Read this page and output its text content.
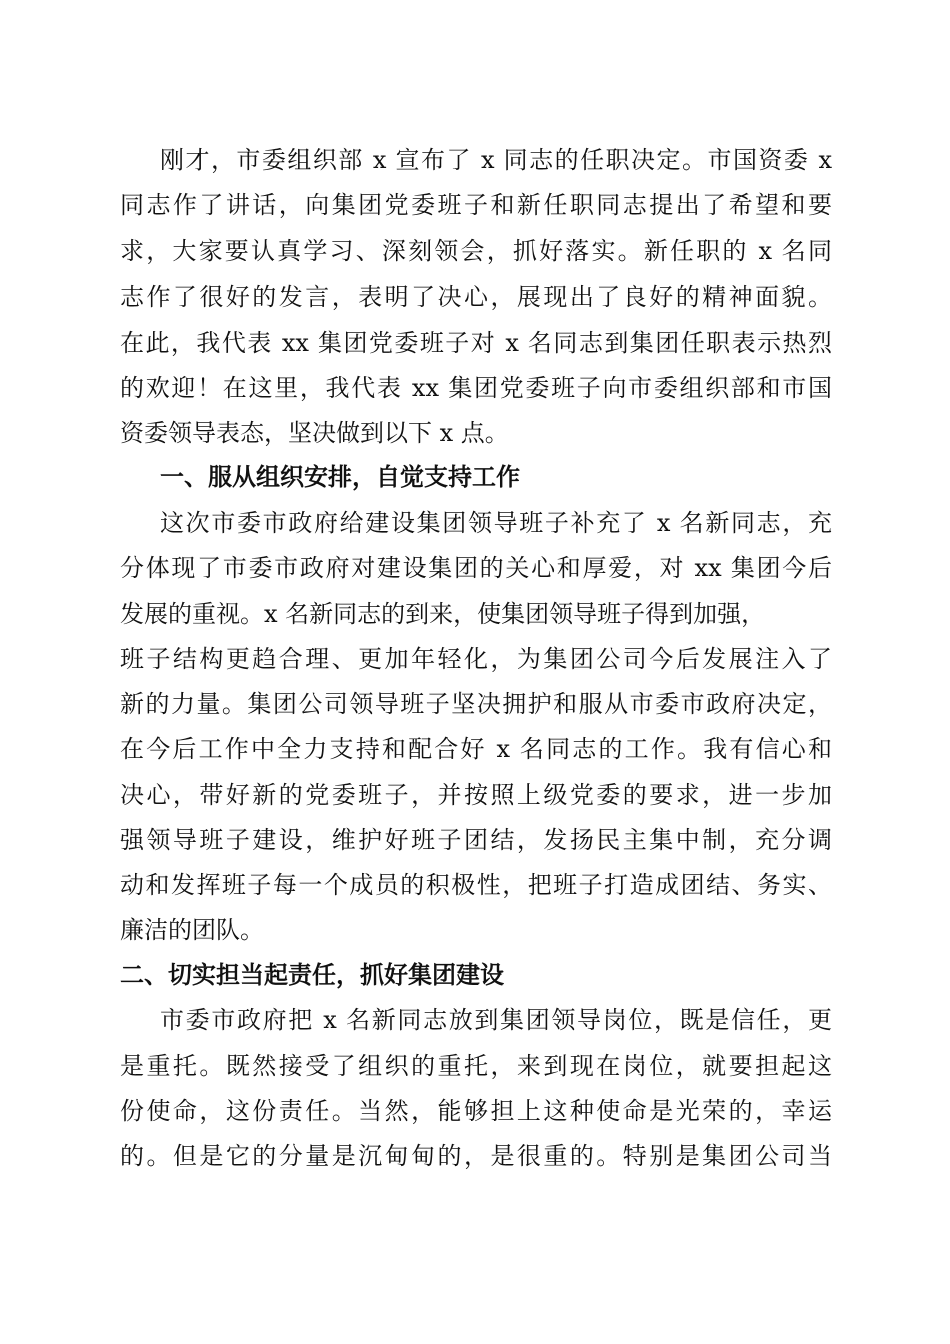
刚才，市委组织部 x 宣布了 x 同志的任职决定。市国资委 x
同志作了讲话，向集团党委班子和新任职同志提出了希望和要
求，大家要认真学习、深刻领会，抓好落实。新任职的 x 名同
志作了很好的发言，表明了决心，展现出了良好的精神面貌。
在此，我代表 xx 集团党委班子对 x 名同志到集团任职表示热烈
的欢迎！在这里，我代表 xx 集团党委班子向市委组织部和市国
资委领导表态，坚决做到以下 x 点。
一、服从组织安排，自觉支持工作
这次市委市政府给建设集团领导班子补充了 x 名新同志，充
分体现了市委市政府对建设集团的关心和厚爱，对 xx 集团今后
发展的重视。x 名新同志的到来，使集团领导班子得到加强，
班子结构更趋合理、更加年轻化，为集团公司今后发展注入了
新的力量。集团公司领导班子坚决拥护和服从市委市政府决定，
在今后工作中全力支持和配合好 x 名同志的工作。我有信心和
决心，带好新的党委班子，并按照上级党委的要求，进一步加
强领导班子建设，维护好班子团结，发扬民主集中制，充分调
动和发挥班子每一个成员的积极性，把班子打造成团结、务实、
廉洁的团队。
二、切实担当起责任，抓好集团建设
市委市政府把 x 名新同志放到集团领导岗位，既是信任，更
是重托。既然接受了组织的重托，来到现在岗位，就要担起这
份使命，这份责任。当然，能够担上这种使命是光荣的，幸运
的。但是它的分量是沉甸甸的，是很重的。特别是集团公司当
